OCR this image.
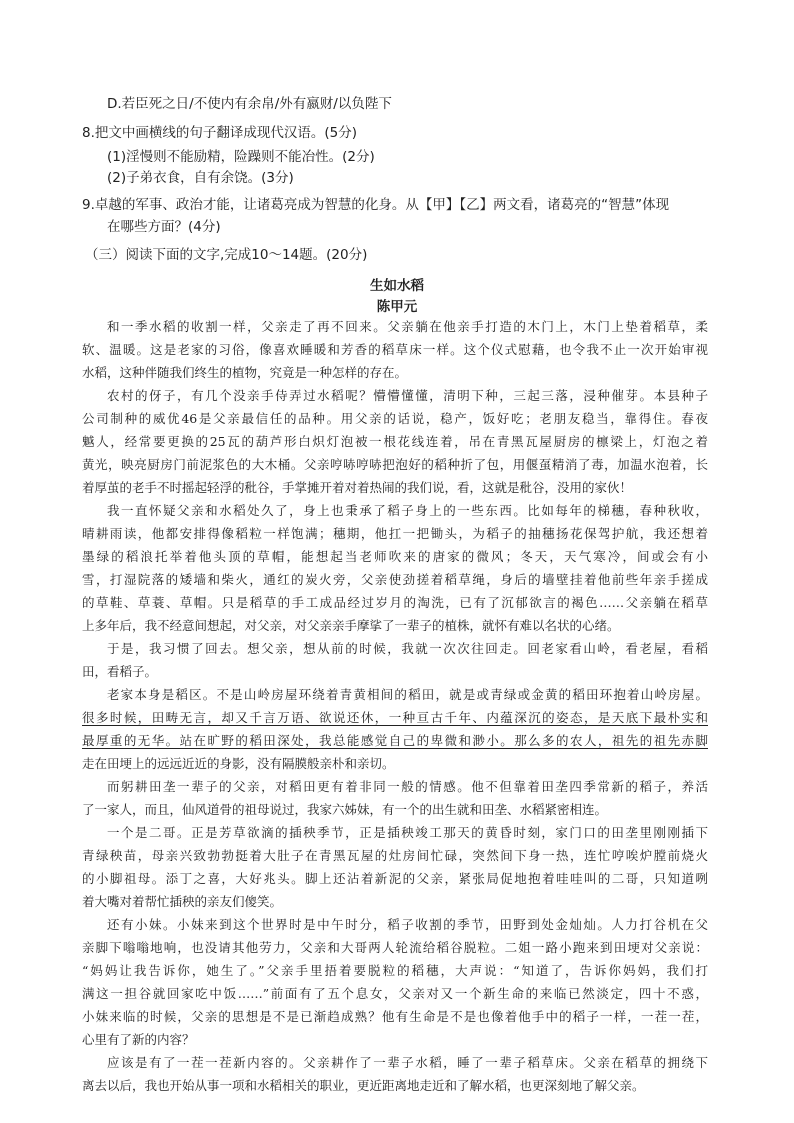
D.若臣死之日/不使内有余帛/外有嬴财/以负陛下
8.把文中画横线的句子翻译成现代汉语。(5分)
(1)淫慢则不能励精，险躁则不能冶性。(2分)
(2)子弟衣食，自有余饶。(3分)
9.卓越的军事、政治才能，让诸葛亮成为智慧的化身。从【甲】【乙】两文看，诸葛亮的“智慧”体现
在哪些方面？(4分)
（三）阅读下面的文字,完成10～14题。(20分)
生如水稻
陈甲元
和一季水稻的收割一样，父亲走了再不回来。父亲躺在他亲手打造的木门上，木门上垫着稻草，柔
软、温暖。这是老家的习俗，像喜欢睡暖和芳香的稻草床一样。这个仪式慰藉，也令我不止一次开始审视
水稻，这种伴随我们终生的植物，究竟是一种怎样的存在。
农村的伢子，有几个没亲手侍弄过水稻呢？懵懵懂懂，清明下种，三起三落，浸种催芽。本县种子
公司制种的威优46是父亲最信任的品种。用父亲的话说，稳产，饭好吃；老朋友稳当，靠得住。春夜
魆人，经常要更换的25瓦的葫芦形白炽灯泡被一根花线连着，吊在青黑瓦屋厨房的檩梁上，灯泡之着
黄光，映亮厨房门前泥浆色的大木桶。父亲哼哧哼哧把泡好的稻种折了包，用偃虿精消了毒，加温水泡着，长
着厚茧的老手不时摇起轻浮的秕谷，手掌摊开着对着热闹的我们说，看，这就是秕谷，没用的家伙！
我一直怀疑父亲和水稻处久了，身上也秉承了稻子身上的一些东西。比如每年的梯穗，春种秋收，
晴耕雨读，他都安排得像稻粒一样饱满；穗期，他扛一把锄头，为稻子的抽穗扬花保驾护航，我还想着
墨绿的稻浪托举着他头顶的草帽，能想起当老师吹来的唐家的微风；冬天，天气寒冷，间或会有小
雪，打湿院落的矮墙和柴火，通红的炭火旁，父亲使劲搓着稻草绳，身后的墙壁挂着他前些年亲手搓成
的草鞋、草蓑、草帽。只是稻草的手工成品经过岁月的淘洗，已有了沉郁欲言的褐色……父亲躺在稻草
上多年后，我不经意间想起，对父亲，对父亲亲手摩挲了一辈子的植株，就怀有难以名状的心绪。
于是，我习惯了回去。想父亲，想从前的时候，我就一次次往回走。回老家看山岭，看老屋，看稻
田，看稻子。
老家本身是稻区。不是山岭房屋环绕着青黄相间的稻田，就是或青绿或金黄的稻田环抱着山岭房屋。
很多时候，田畴无言，却又千言万语、欲说还休，一种亘古千年、内蕴深沉的姿态，是天底下最朴实和
最厚重的无华。站在旷野的稻田深处，我总能感觉自己的卑微和渺小。那么多的农人，祖先的祖先赤脚
走在田埂上的远远近近的身影，没有隔膜般亲朴和亲切。
而躬耕田垄一辈子的父亲，对稻田更有着非同一般的情感。他不但靠着田垄四季常新的稻子，养活
了一家人，而且，仙风道骨的祖母说过，我家六姊妹，有一个的出生就和田垄、水稻紧密相连。
一个是二哥。正是芳草欲滴的插秧季节，正是插秧竣工那天的黄昏时刻，家门口的田垄里刚刚插下
青绿秧苗，母亲兴致勃勃挺着大肚子在青黑瓦屋的灶房间忙碌，突然间下身一热，连忙哼唉炉膛前烧火
的小脚祖母。添丁之喜，大好兆头。脚上还沾着新泥的父亲，紧张局促地抱着哇哇叫的二哥，只知道咧
着大嘴对着帮忙插秧的亲友们傻笑。
还有小妹。小妹来到这个世界时是中午时分，稻子收割的季节，田野到处金灿灿。人力打谷机在父
亲脚下嗡嗡地响，也没请其他劳力，父亲和大哥两人轮流给稻谷脱粒。二姐一路小跑来到田埂对父亲说：
“妈妈让我告诉你，她生了。”父亲手里捂着要脱粒的稻穗，大声说：“知道了，告诉你妈妈，我们打
满这一担谷就回家吃中饭……”前面有了五个息女，父亲对又一个新生命的来临已然淡定，四十不惑，
小妹来临的时候，父亲的思想是不是已渐趋成熟？他有生命是不是也像着他手中的稻子一样，一茬一茬，
心里有了新的内容？
应该是有了一茬一茬新内容的。父亲耕作了一辈子水稻，睡了一辈子稻草床。父亲在稻草的拥绕下
离去以后，我也开始从事一项和水稻相关的职业，更近距离地走近和了解水稻，也更深刻地了解父亲。
